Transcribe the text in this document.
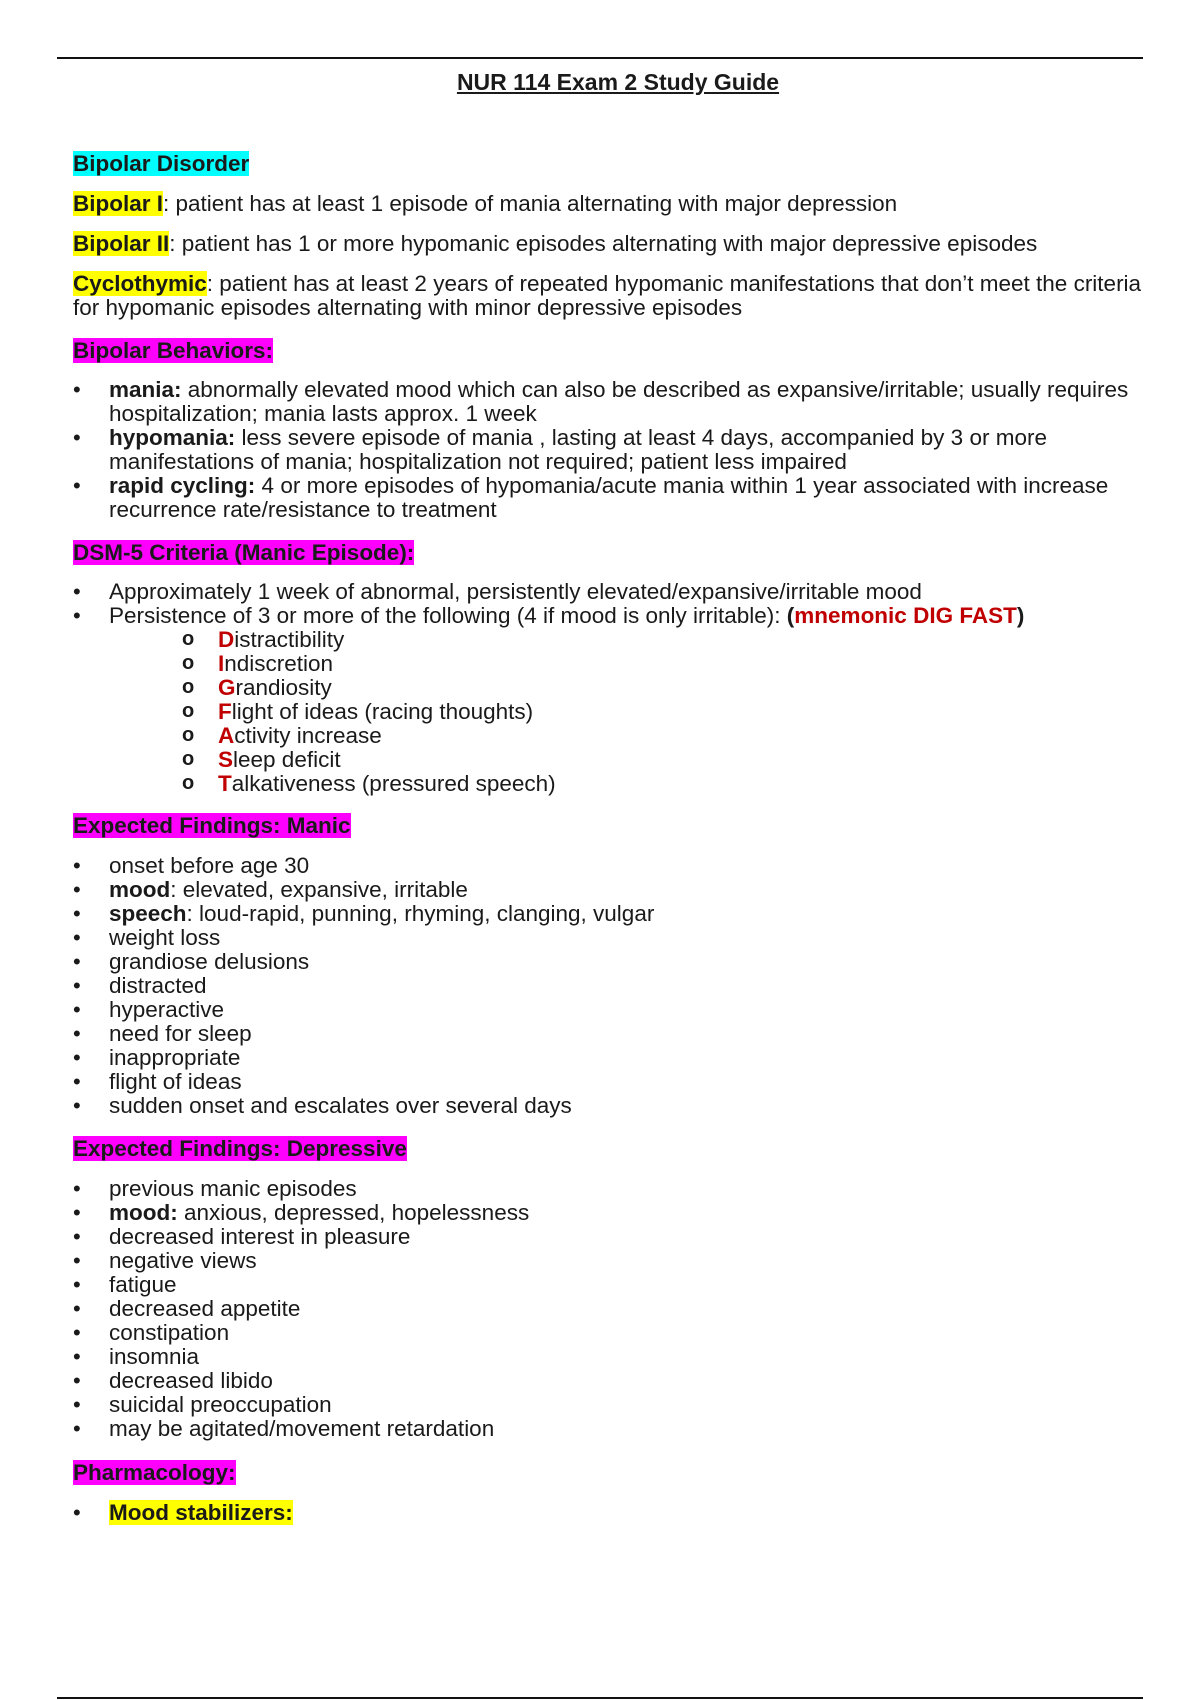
NUR 114 Exam 2 Study Guide
Bipolar Disorder
Bipolar I: patient has at least 1 episode of mania alternating with major depression
Bipolar II: patient has 1 or more hypomanic episodes alternating with major depressive episodes
Cyclothymic: patient has at least 2 years of repeated hypomanic manifestations that don’t meet the criteria for hypomanic episodes alternating with minor depressive episodes
Bipolar Behaviors:
• mania: abnormally elevated mood which can also be described as expansive/irritable; usually requires hospitalization; mania lasts approx. 1 week
• hypomania: less severe episode of mania , lasting at least 4 days, accompanied by 3 or more manifestations of mania; hospitalization not required; patient less impaired
• rapid cycling: 4 or more episodes of hypomania/acute mania within 1 year associated with increase recurrence rate/resistance to treatment
DSM-5 Criteria (Manic Episode):
• Approximately 1 week of abnormal, persistently elevated/expansive/irritable mood
• Persistence of 3 or more of the following (4 if mood is only irritable): (mnemonic DIG FAST)
o Distractibility
o Indiscretion
o Grandiosity
o Flight of ideas (racing thoughts)
o Activity increase
o Sleep deficit
o Talkativeness (pressured speech)
Expected Findings: Manic
• onset before age 30
• mood: elevated, expansive, irritable
• speech: loud-rapid, punning, rhyming, clanging, vulgar
• weight loss
• grandiose delusions
• distracted
• hyperactive
• need for sleep
• inappropriate
• flight of ideas
• sudden onset and escalates over several days
Expected Findings: Depressive
• previous manic episodes
• mood: anxious, depressed, hopelessness
• decreased interest in pleasure
• negative views
• fatigue
• decreased appetite
• constipation
• insomnia
• decreased libido
• suicidal preoccupation
• may be agitated/movement retardation
Pharmacology:
• Mood stabilizers:
